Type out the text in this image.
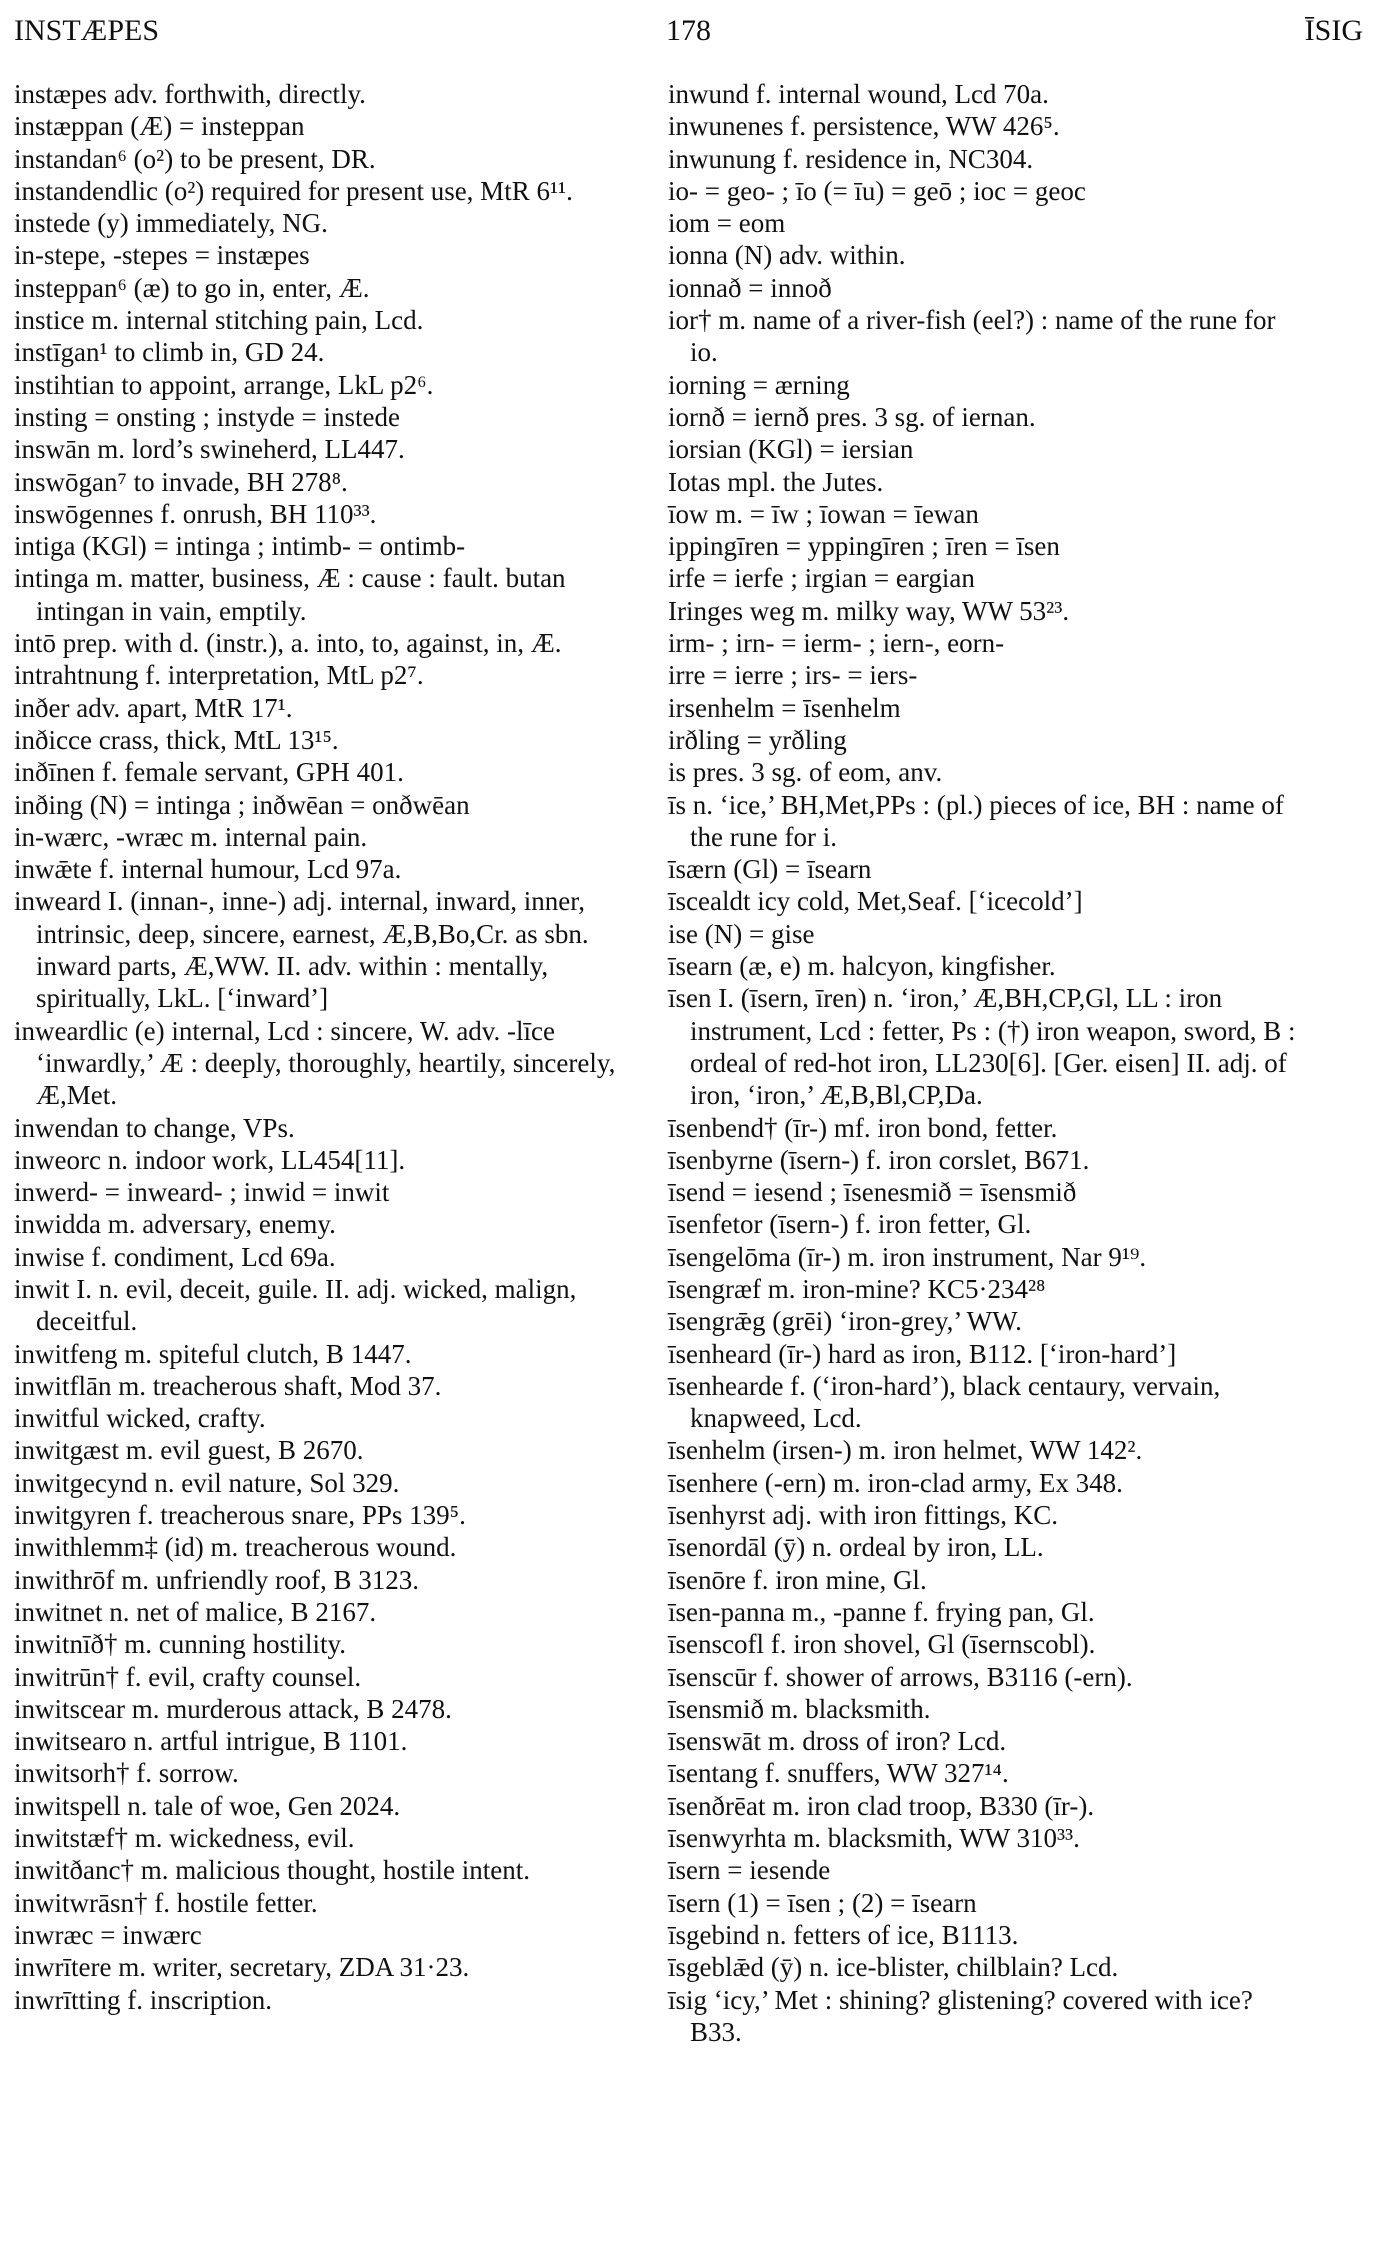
INSTÆPES	178	ĪSIG

instæpes adv. forthwith, directly.

instæppan (Æ) = insteppan

instandan⁶ (o²) to be present, DR.

instandendlic (o²) required for present use, MtR 6¹¹.

instede (y) immediately, NG.

in-stepe, -stepes = instæpes

insteppan⁶ (æ) to go in, enter, Æ.

instice m. internal stitching pain, Lcd.

instīgan¹ to climb in, GD 24.

instihtian to appoint, arrange, LkL p2⁶.

insting = onsting ; instyde = instede

inswān m. lord’s swineherd, LL447.

inswōgan⁷ to invade, BH 278⁸.

inswōgennes f. onrush, BH 110³³.

intiga (KGl) = intinga ; intimb- = ontimb-

intinga m. matter, business, Æ : cause : fault. butan intingan in vain, emptily.

intō prep. with d. (instr.), a. into, to, against, in, Æ.

intrahtnung f. interpretation, MtL p2⁷.

inðer adv. apart, MtR 17¹.

inðicce crass, thick, MtL 13¹⁵.

inðīnen f. female servant, GPH 401.

inðing (N) = intinga ; inðwēan = onðwēan

in-wærc, -wræc m. internal pain.

inwǣte f. internal humour, Lcd 97a.

inweard I. (innan-, inne-) adj. internal, inward, inner, intrinsic, deep, sincere, earnest, Æ,B,Bo,Cr. as sbn. inward parts, Æ,WW. II. adv. within : mentally, spiritually, LkL. [‘inward’]

inweardlic (e) internal, Lcd : sincere, W. adv. -līce ‘inwardly,’ Æ : deeply, thoroughly, heartily, sincerely, Æ,Met.

inwendan to change, VPs.

inweorc n. indoor work, LL454[11].

inwerd- = inweard- ; inwid = inwit

inwidda m. adversary, enemy.

inwise f. condiment, Lcd 69a.

inwit I. n. evil, deceit, guile. II. adj. wicked, malign, deceitful.

inwitfeng m. spiteful clutch, B 1447.

inwitflān m. treacherous shaft, Mod 37.

inwitful wicked, crafty.

inwitgæst m. evil guest, B 2670.

inwitgecynd n. evil nature, Sol 329.

inwitgyren f. treacherous snare, PPs 139⁵.

inwithlemm‡ (id) m. treacherous wound.

inwithrōf m. unfriendly roof, B 3123.

inwitnet n. net of malice, B 2167.

inwitnīð† m. cunning hostility.

inwitrūn† f. evil, crafty counsel.

inwitscear m. murderous attack, B 2478.

inwitsearo n. artful intrigue, B 1101.

inwitsorh† f. sorrow.

inwitspell n. tale of woe, Gen 2024.

inwitstæf† m. wickedness, evil.

inwitðanc† m. malicious thought, hostile intent.

inwitwrāsn† f. hostile fetter.

inwræc = inwærc

inwrītere m. writer, secretary, ZDA 31·23.

inwrītting f. inscription.

inwund f. internal wound, Lcd 70a.

inwunenes f. persistence, WW 426⁵.

inwunung f. residence in, NC304.

io- = geo- ; īo (= īu) = geō ; ioc = geoc

iom = eom

ionna (N) adv. within.

ionnað = innoð

ior† m. name of a river-fish (eel?) : name of the rune for io.

iorning = ærning

iornð = iernð pres. 3 sg. of iernan.

iorsian (KGl) = iersian

Iotas mpl. the Jutes.

īow m. = īw ; īowan = īewan

ippingīren = yppingīren ; īren = īsen

irfe = ierfe ; irgian = eargian

Iringes weg m. milky way, WW 53²³.

irm- ; irn- = ierm- ; iern-, eorn-

irre = ierre ; irs- = iers-

irsenhelm = īsenhelm

irðling = yrðling

is pres. 3 sg. of eom, anv.

īs n. ‘ice,’ BH,Met,PPs : (pl.) pieces of ice, BH : name of the rune for i.

īsærn (Gl) = īsearn

īscealdt icy cold, Met,Seaf. [‘icecold’]

ise (N) = gise

īsearn (æ, e) m. halcyon, kingfisher.

īsen I. (īsern, īren) n. ‘iron,’ Æ,BH,CP,Gl, LL : iron instrument, Lcd : fetter, Ps : (†) iron weapon, sword, B : ordeal of red-hot iron, LL230[6]. [Ger. eisen] II. adj. of iron, ‘iron,’ Æ,B,Bl,CP,Da.

īsenbend† (īr-) mf. iron bond, fetter.

īsenbyrne (īsern-) f. iron corslet, B671.

īsend = iesend ; īsenesmið = īsensmið

īsenfetor (īsern-) f. iron fetter, Gl.

īsengelōma (īr-) m. iron instrument, Nar 9¹⁹.

īsengræf m. iron-mine? KC5·234²⁸

īsengrǣg (grēi) ‘iron-grey,’ WW.

īsenheard (īr-) hard as iron, B112. [‘iron-hard’]

īsenhearde f. (‘iron-hard’), black centaury, vervain, knapweed, Lcd.

īsenhelm (irsen-) m. iron helmet, WW 142².

īsenhere (-ern) m. iron-clad army, Ex 348.

īsenhyrst adj. with iron fittings, KC.

īsenordāl (ȳ) n. ordeal by iron, LL.

īsenōre f. iron mine, Gl.

īsen-panna m., -panne f. frying pan, Gl.

īsenscofl f. iron shovel, Gl (īsernscobl).

īsenscūr f. shower of arrows, B3116 (-ern).

īsensmið m. blacksmith.

īsenswāt m. dross of iron? Lcd.

īsentang f. snuffers, WW 327¹⁴.

īsenðrēat m. iron clad troop, B330 (īr-).

īsenwyrhta m. blacksmith, WW 310³³.

īsern = iesende

īsern (1) = īsen ; (2) = īsearn

īsgebind n. fetters of ice, B1113.

īsgeblǣd (ȳ) n. ice-blister, chilblain? Lcd.

īsig ‘icy,’ Met : shining? glistening? covered with ice? B33.
